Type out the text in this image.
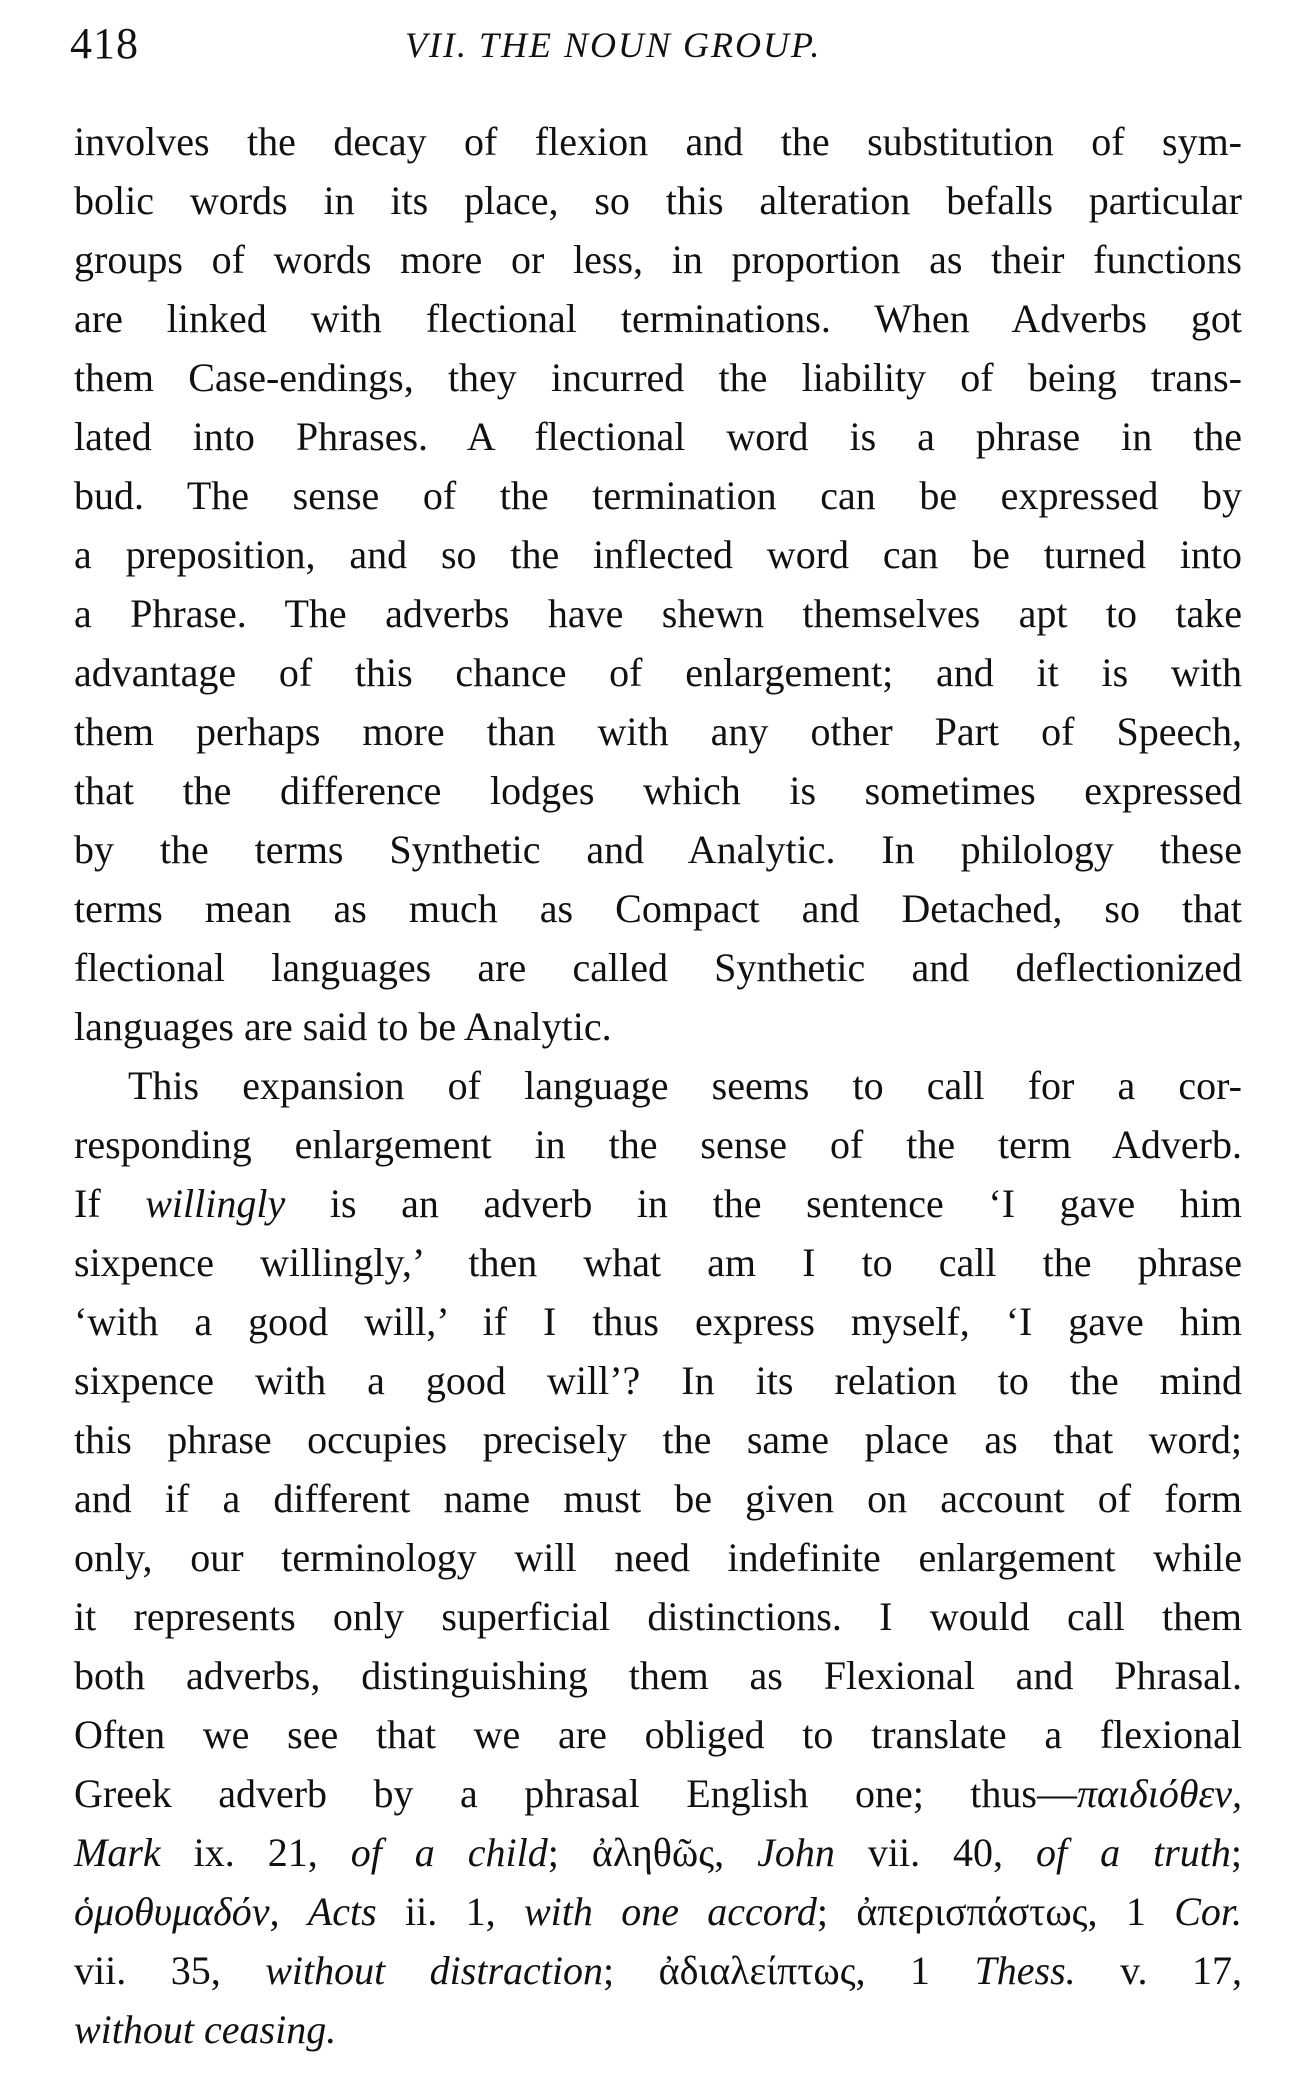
418	VII. THE NOUN GROUP.
involves the decay of flexion and the substitution of sym-
bolic words in its place, so this alteration befalls particular
groups of words more or less, in proportion as their functions
are linked with flectional terminations. When Adverbs got
them Case-endings, they incurred the liability of being trans-
lated into Phrases. A flectional word is a phrase in the
bud. The sense of the termination can be expressed by
a preposition, and so the inflected word can be turned into
a Phrase. The adverbs have shewn themselves apt to take
advantage of this chance of enlargement; and it is with
them perhaps more than with any other Part of Speech,
that the difference lodges which is sometimes expressed
by the terms Synthetic and Analytic. In philology these
terms mean as much as Compact and Detached, so that
flectional languages are called Synthetic and deflectionized
languages are said to be Analytic.
This expansion of language seems to call for a cor-
responding enlargement in the sense of the term Adverb.
If willingly is an adverb in the sentence ‘I gave him
sixpence willingly,’ then what am I to call the phrase
‘with a good will,’ if I thus express myself, ‘I gave him
sixpence with a good will’? In its relation to the mind
this phrase occupies precisely the same place as that word;
and if a different name must be given on account of form
only, our terminology will need indefinite enlargement while
it represents only superficial distinctions. I would call them
both adverbs, distinguishing them as Flexional and Phrasal.
Often we see that we are obliged to translate a flexional
Greek adverb by a phrasal English one; thus—παιδιόθεν,
Mark ix. 21, of a child; ἀληθῶς, John vii. 40, of a truth;
ὁμοθυμαδόν, Acts ii. 1, with one accord; ἀπερισπάστως, 1 Cor.
vii. 35, without distraction; ἀδιαλείπτως, 1 Thess. v. 17,
without ceasing.
